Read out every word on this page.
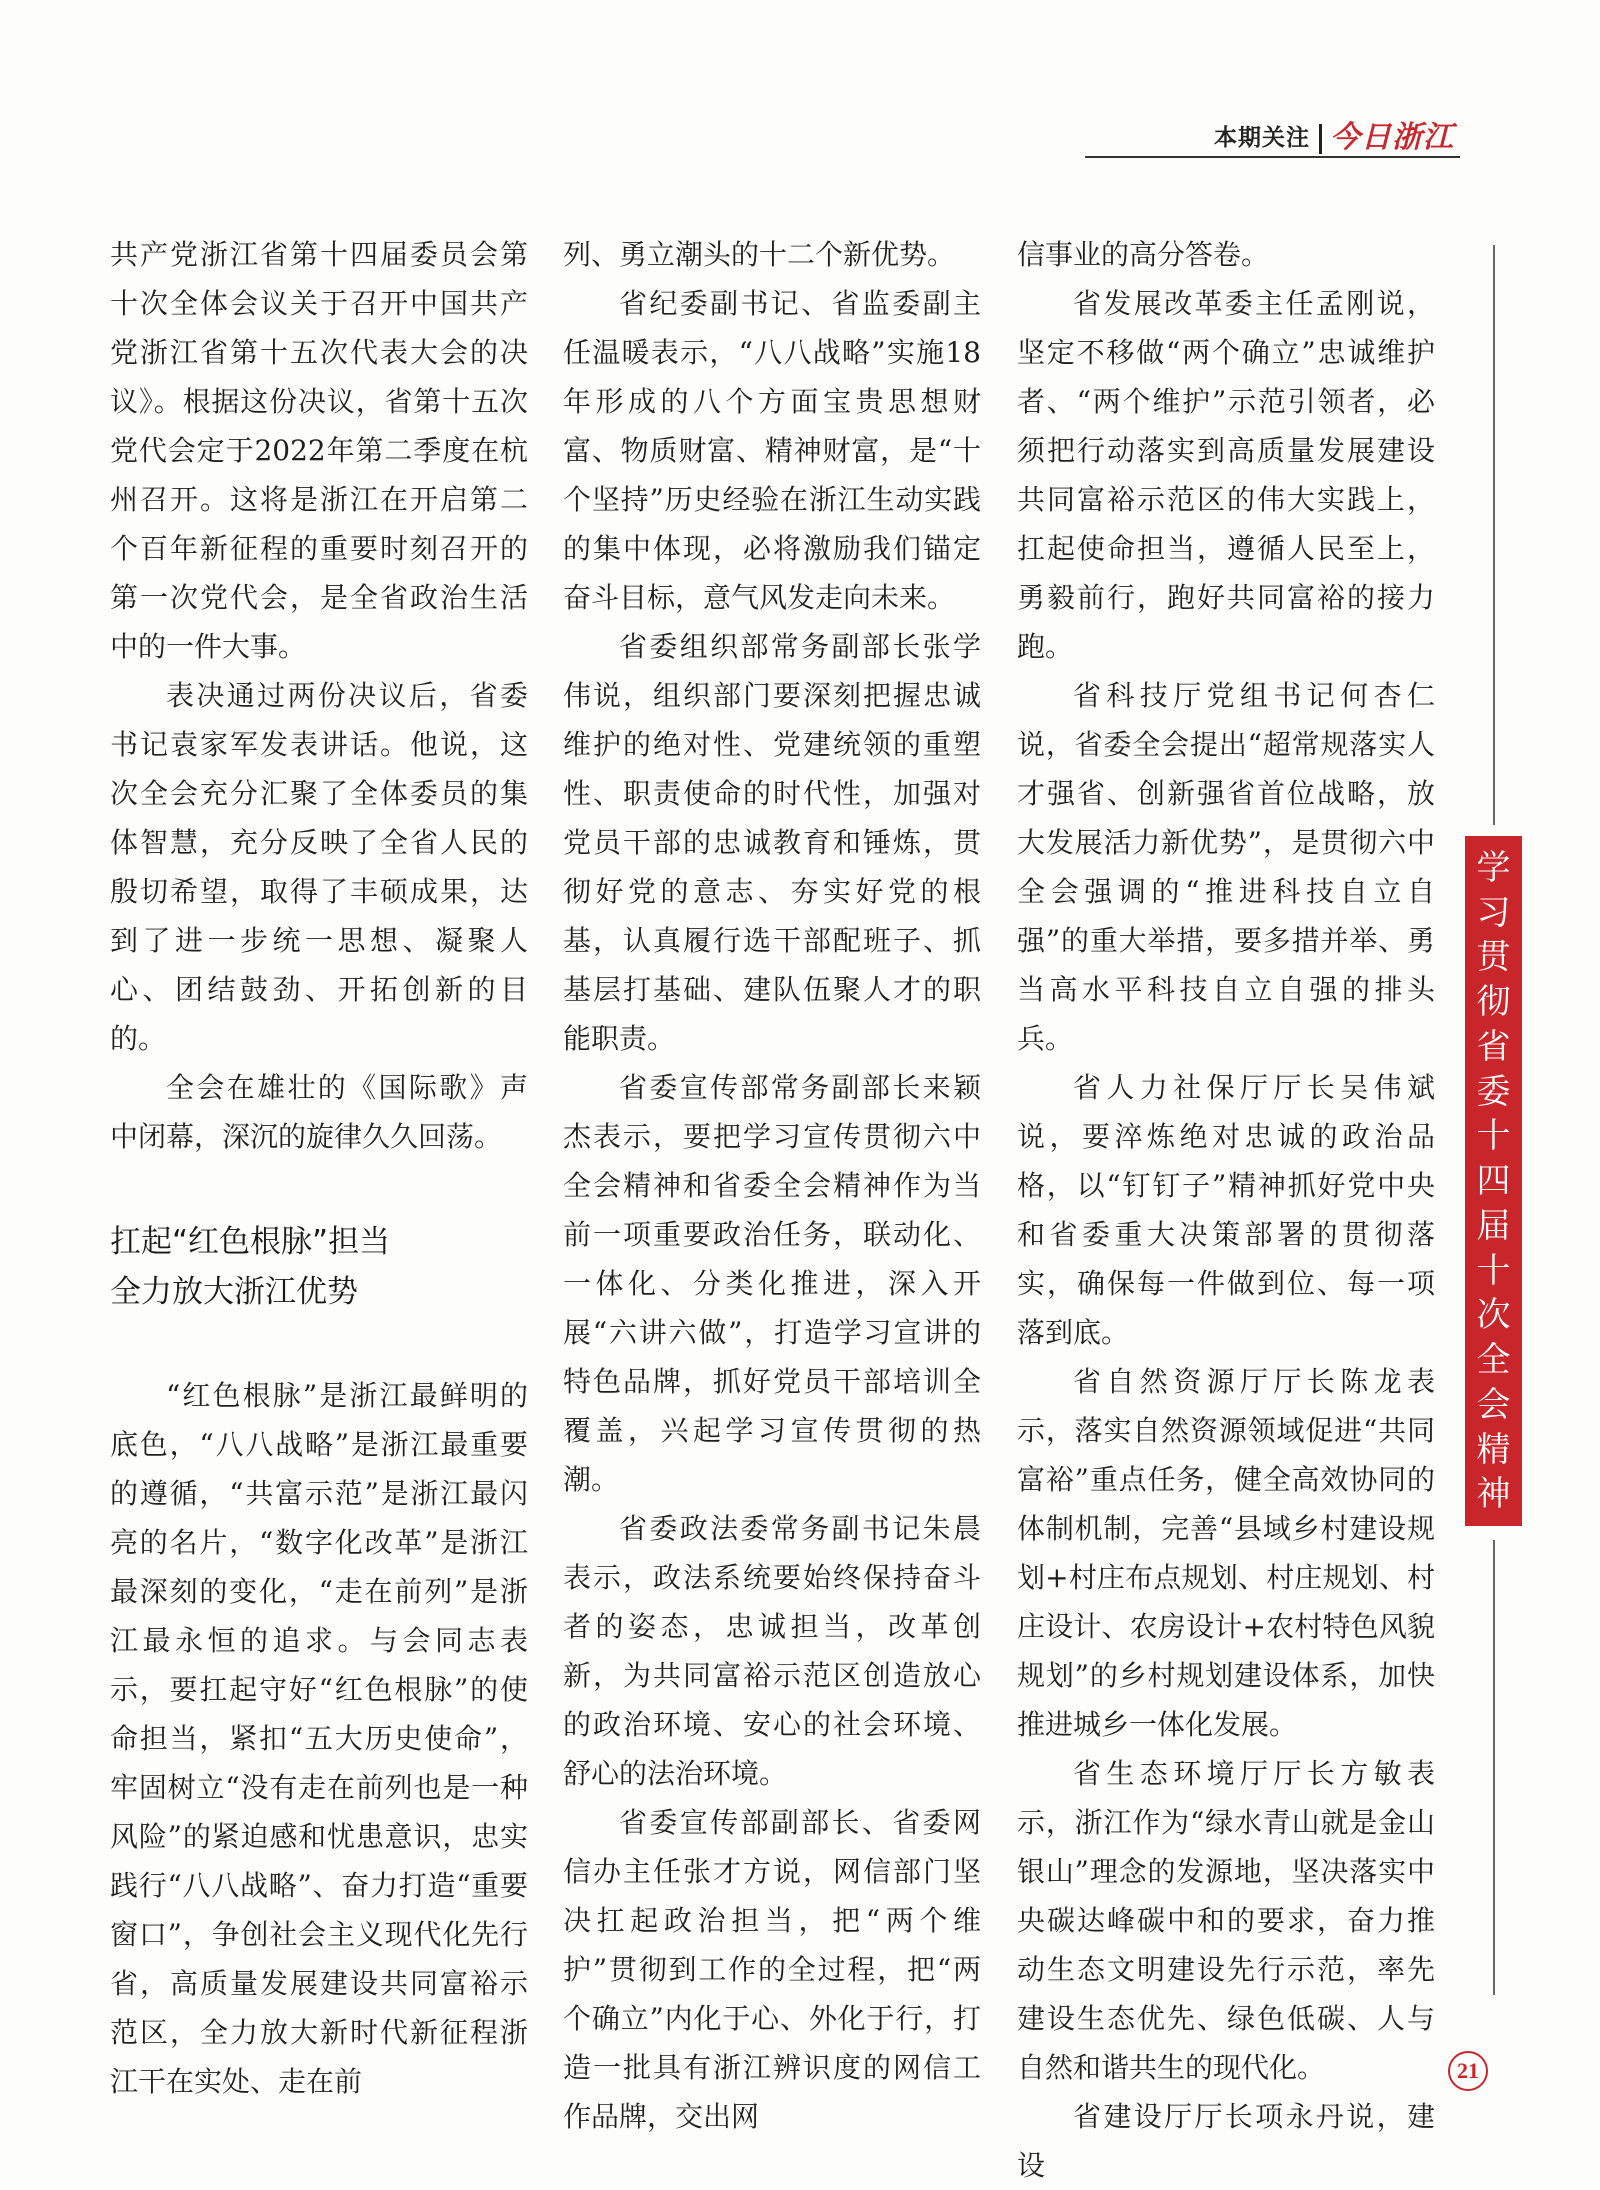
本期关注 今日浙江

共产党浙江省第十四届委员会第十次全体会议关于召开中国共产党浙江省第十五次代表大会的决议》。根据这份决议，省第十五次党代会定于2022年第二季度在杭州召开。这将是浙江在开启第二个百年新征程的重要时刻召开的第一次党代会，是全省政治生活中的一件大事。

表决通过两份决议后，省委书记袁家军发表讲话。他说，这次全会充分汇聚了全体委员的集体智慧，充分反映了全省人民的殷切希望，取得了丰硕成果，达到了进一步统一思想、凝聚人心、团结鼓劲、开拓创新的目的。

全会在雄壮的《国际歌》声中闭幕，深沉的旋律久久回荡。

扛起“红色根脉”担当
全力放大浙江优势

“红色根脉”是浙江最鲜明的底色，“八八战略”是浙江最重要的遵循，“共富示范”是浙江最闪亮的名片，“数字化改革”是浙江最深刻的变化，“走在前列”是浙江最永恒的追求。与会同志表示，要扛起守好“红色根脉”的使命担当，紧扣“五大历史使命”，牢固树立“没有走在前列也是一种风险”的紧迫感和忧患意识，忠实践行“八八战略”、奋力打造“重要窗口”，争创社会主义现代化先行省，高质量发展建设共同富裕示范区，全力放大新时代新征程浙江干在实处、走在前

列、勇立潮头的十二个新优势。

省纪委副书记、省监委副主任温暖表示，“八八战略”实施18年形成的八个方面宝贵思想财富、物质财富、精神财富，是“十个坚持”历史经验在浙江生动实践的集中体现，必将激励我们锚定奋斗目标，意气风发走向未来。

省委组织部常务副部长张学伟说，组织部门要深刻把握忠诚维护的绝对性、党建统领的重塑性、职责使命的时代性，加强对党员干部的忠诚教育和锤炼，贯彻好党的意志、夯实好党的根基，认真履行选干部配班子、抓基层打基础、建队伍聚人才的职能职责。

省委宣传部常务副部长来颖杰表示，要把学习宣传贯彻六中全会精神和省委全会精神作为当前一项重要政治任务，联动化、一体化、分类化推进，深入开展“六讲六做”，打造学习宣讲的特色品牌，抓好党员干部培训全覆盖，兴起学习宣传贯彻的热潮。

省委政法委常务副书记朱晨表示，政法系统要始终保持奋斗者的姿态，忠诚担当，改革创新，为共同富裕示范区创造放心的政治环境、安心的社会环境、舒心的法治环境。

省委宣传部副部长、省委网信办主任张才方说，网信部门坚决扛起政治担当，把“两个维护”贯彻到工作的全过程，把“两个确立”内化于心、外化于行，打造一批具有浙江辨识度的网信工作品牌，交出网

信事业的高分答卷。

省发展改革委主任孟刚说，坚定不移做“两个确立”忠诚维护者、“两个维护”示范引领者，必须把行动落实到高质量发展建设共同富裕示范区的伟大实践上，扛起使命担当，遵循人民至上，勇毅前行，跑好共同富裕的接力跑。

省科技厅党组书记何杏仁说，省委全会提出“超常规落实人才强省、创新强省首位战略，放大发展活力新优势”，是贯彻六中全会强调的“推进科技自立自强”的重大举措，要多措并举、勇当高水平科技自立自强的排头兵。

省人力社保厅厅长吴伟斌说，要淬炼绝对忠诚的政治品格，以“钉钉子”精神抓好党中央和省委重大决策部署的贯彻落实，确保每一件做到位、每一项落到底。

省自然资源厅厅长陈龙表示，落实自然资源领域促进“共同富裕”重点任务，健全高效协同的体制机制，完善“县域乡村建设规划+村庄布点规划、村庄规划、村庄设计、农房设计+农村特色风貌规划”的乡村规划建设体系，加快推进城乡一体化发展。

省生态环境厅厅长方敏表示，浙江作为“绿水青山就是金山银山”理念的发源地，坚决落实中央碳达峰碳中和的要求，奋力推动生态文明建设先行示范，率先建设生态优先、绿色低碳、人与自然和谐共生的现代化。

省建设厅厅长项永丹说，建设

学
习
贯
彻
省
委
十
四
届
十
次
全
会
精
神
21
